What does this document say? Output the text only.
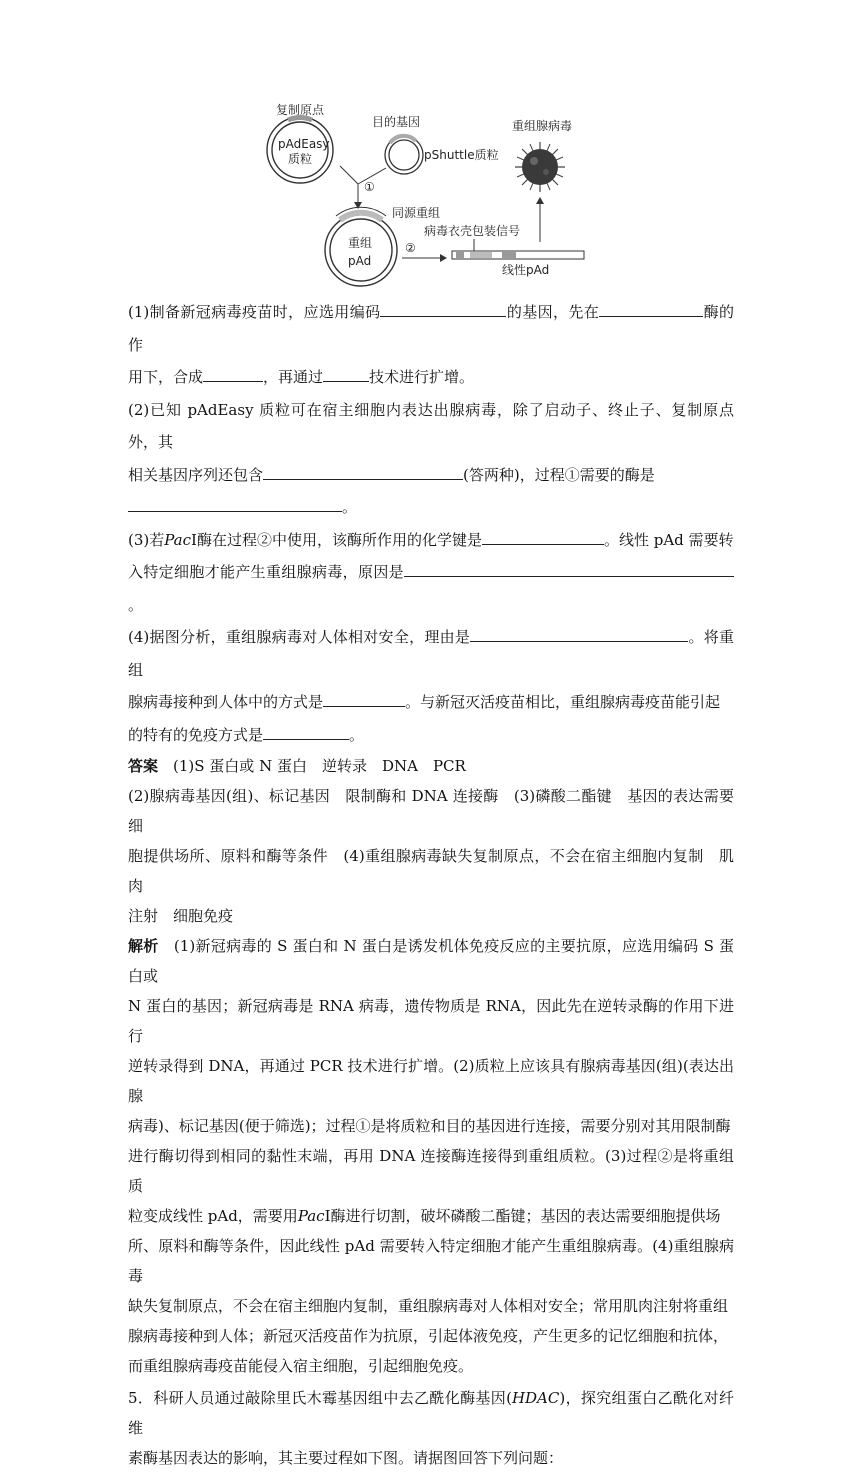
复制原点
pAdEasy
质粒
目的基因
pShuttle质粒
①
同源重组
重组
pAd
②
病毒衣壳包装信号
线性pAd
重组腺病毒

(1)制备新冠病毒疫苗时，应选用编码	的基因，先在	酶的作

用下，合成	，再通过	技术进行扩增。

(2)已知 pAdEasy 质粒可在宿主细胞内表达出腺病毒，除了启动子、终止子、复制原点外，其

相关基因序列还包含	(答两种)，过程①需要的酶是

。

(3)若PacⅠ酶在过程②中使用，该酶所作用的化学键是	。线性 pAd 需要转

入特定细胞才能产生重组腺病毒，原因是。

(4)据图分析，重组腺病毒对人体相对安全，理由是	。将重组

腺病毒接种到人体中的方式是	。与新冠灭活疫苗相比，重组腺病毒疫苗能引起

的特有的免疫方式是	。

答案　(1)S 蛋白或 N 蛋白　逆转录　DNA　PCR

(2)腺病毒基因(组)、标记基因　限制酶和 DNA 连接酶　(3)磷酸二酯键　基因的表达需要细

胞提供场所、原料和酶等条件　(4)重组腺病毒缺失复制原点，不会在宿主细胞内复制　肌肉

注射　细胞免疫

解析　(1)新冠病毒的 S 蛋白和 N 蛋白是诱发机体免疫反应的主要抗原，应选用编码 S 蛋白或

N 蛋白的基因；新冠病毒是 RNA 病毒，遗传物质是 RNA，因此先在逆转录酶的作用下进行

逆转录得到 DNA，再通过 PCR 技术进行扩增。(2)质粒上应该具有腺病毒基因(组)(表达出腺

病毒)、标记基因(便于筛选)；过程①是将质粒和目的基因进行连接，需要分别对其用限制酶

进行酶切得到相同的黏性末端，再用 DNA 连接酶连接得到重组质粒。(3)过程②是将重组质

粒变成线性 pAd，需要用PacⅠ酶进行切割，破坏磷酸二酯键；基因的表达需要细胞提供场

所、原料和酶等条件，因此线性 pAd 需要转入特定细胞才能产生重组腺病毒。(4)重组腺病毒

缺失复制原点，不会在宿主细胞内复制，重组腺病毒对人体相对安全；常用肌肉注射将重组

腺病毒接种到人体；新冠灭活疫苗作为抗原，引起体液免疫，产生更多的记忆细胞和抗体，

而重组腺病毒疫苗能侵入宿主细胞，引起细胞免疫。

5．科研人员通过敲除里氏木霉基因组中去乙酰化酶基因(HDAC)，探究组蛋白乙酰化对纤维

素酶基因表达的影响，其主要过程如下图。请据图回答下列问题：
